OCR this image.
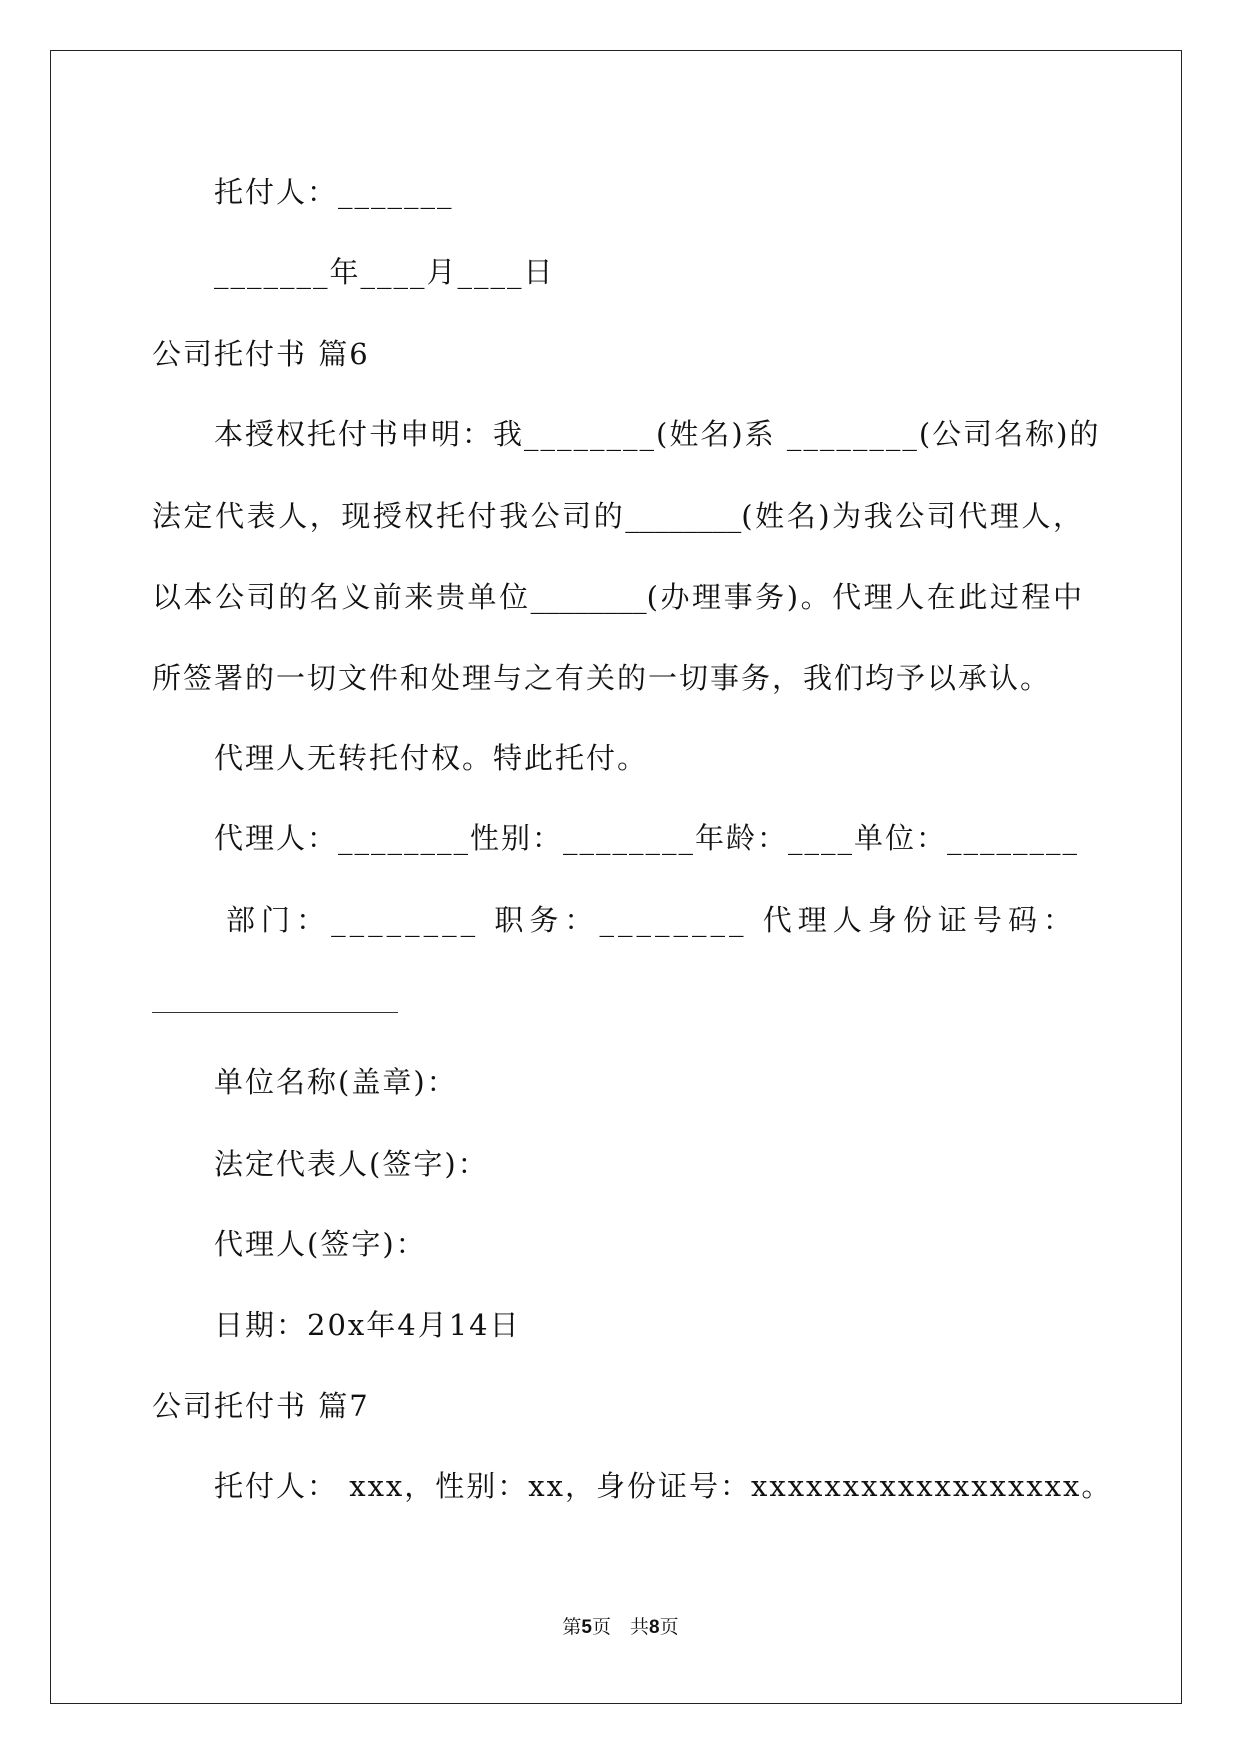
托付人：_______
_______年____月____日
公司托付书 篇6
本授权托付书申明：我________(姓名)系 ________(公司名称)的
法定代表人，现授权托付我公司的________(姓名)为我公司代理人，
以本公司的名义前来贵单位________(办理事务)。代理人在此过程中
所签署的一切文件和处理与之有关的一切事务，我们均予以承认。
代理人无转托付权。特此托付。
代理人：________性别：________年龄：____单位：________
部门：________ 职务：________ 代理人身份证号码：
单位名称(盖章)：
法定代表人(签字)：
代理人(签字)：
日期：20x年4月14日
公司托付书 篇7
托付人： xxx，性别：xx，身份证号：xxxxxxxxxxxxxxxxxx。
第5页　共8页
